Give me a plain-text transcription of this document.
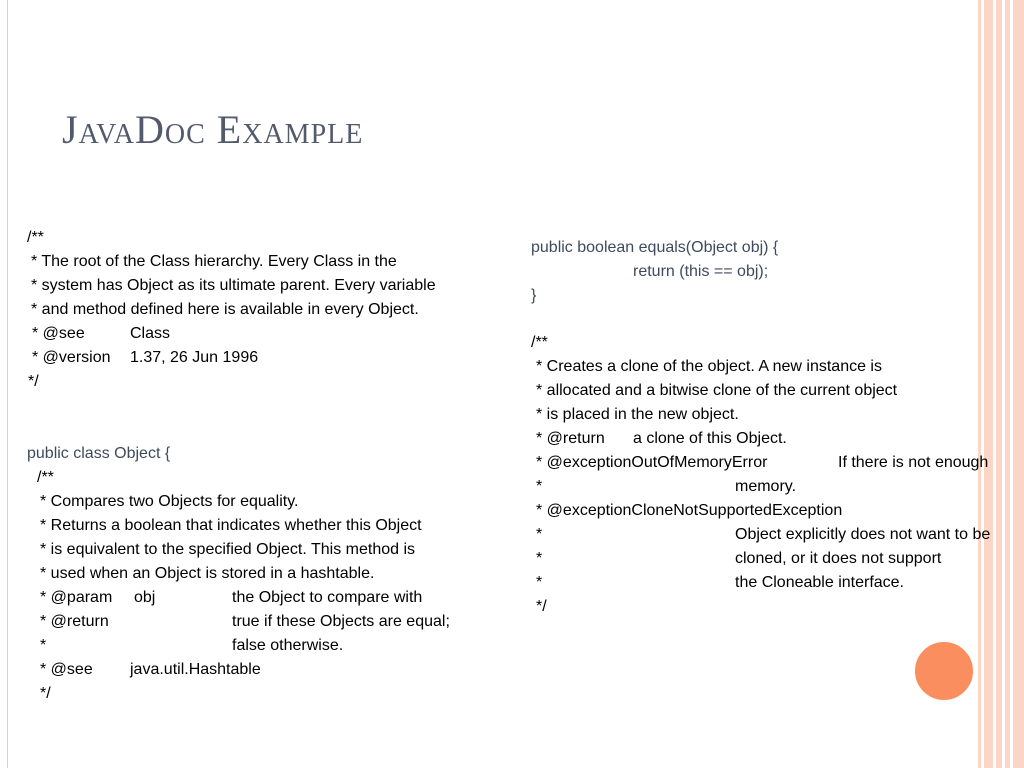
JavaDoc Example
/**
* The root of the Class hierarchy. Every Class in the
* system has Object as its ultimate parent. Every variable
* and method defined here is available in every Object.
* @see	Class
* @version 1.37, 26 Jun 1996
*/
public class Object {
/**
* Compares two Objects for equality.
* Returns a boolean that indicates whether this Object
* is equivalent to the specified Object. This method is
* used when an Object is stored in a hashtable.
* @param obj	the Object to compare with
* @return	true if these Objects are equal;
*	false otherwise.
* @see java.util.Hashtable
*/
public boolean equals(Object obj) {
return (this == obj);
}
/**
* Creates a clone of the object. A new instance is
* allocated and a bitwise clone of the current object
* is placed in the new object.
* @return a clone of this Object.
* @exceptionOutOfMemoryError	If there is not enough
*	memory.
* @exceptionCloneNotSupportedException
*	Object explicitly does not want to be
*	cloned, or it does not support
*	the Cloneable interface.
*/
